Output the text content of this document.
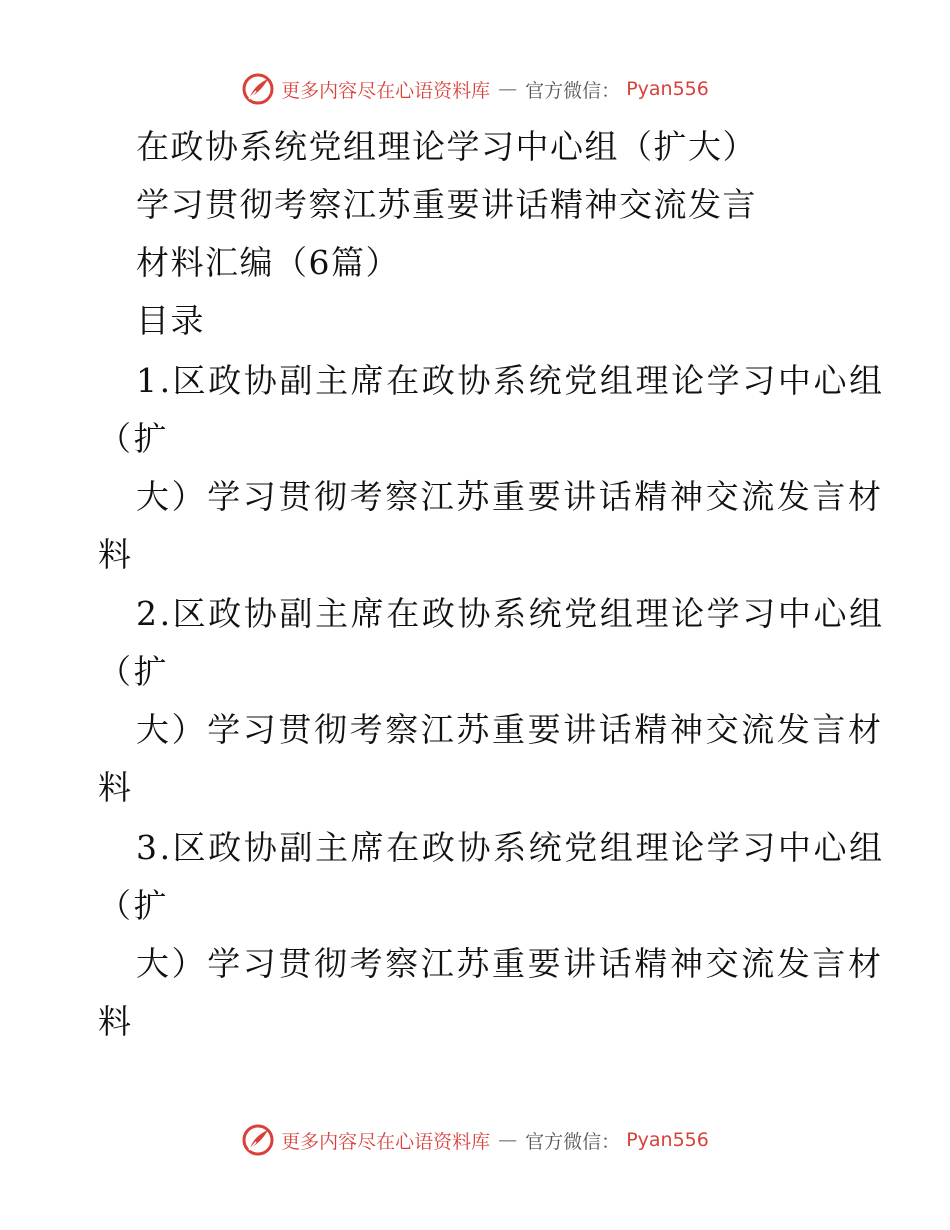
更多内容尽在心语资料库 — 官方微信： Pyan556
在政协系统党组理论学习中心组（扩大）
学习贯彻考察江苏重要讲话精神交流发言
材料汇编（6篇）
目录
1.区政协副主席在政协系统党组理论学习中心组
（扩
大）学习贯彻考察江苏重要讲话精神交流发言材
料
2.区政协副主席在政协系统党组理论学习中心组
（扩
大）学习贯彻考察江苏重要讲话精神交流发言材
料
3.区政协副主席在政协系统党组理论学习中心组
（扩
大）学习贯彻考察江苏重要讲话精神交流发言材
料
更多内容尽在心语资料库 — 官方微信： Pyan556
